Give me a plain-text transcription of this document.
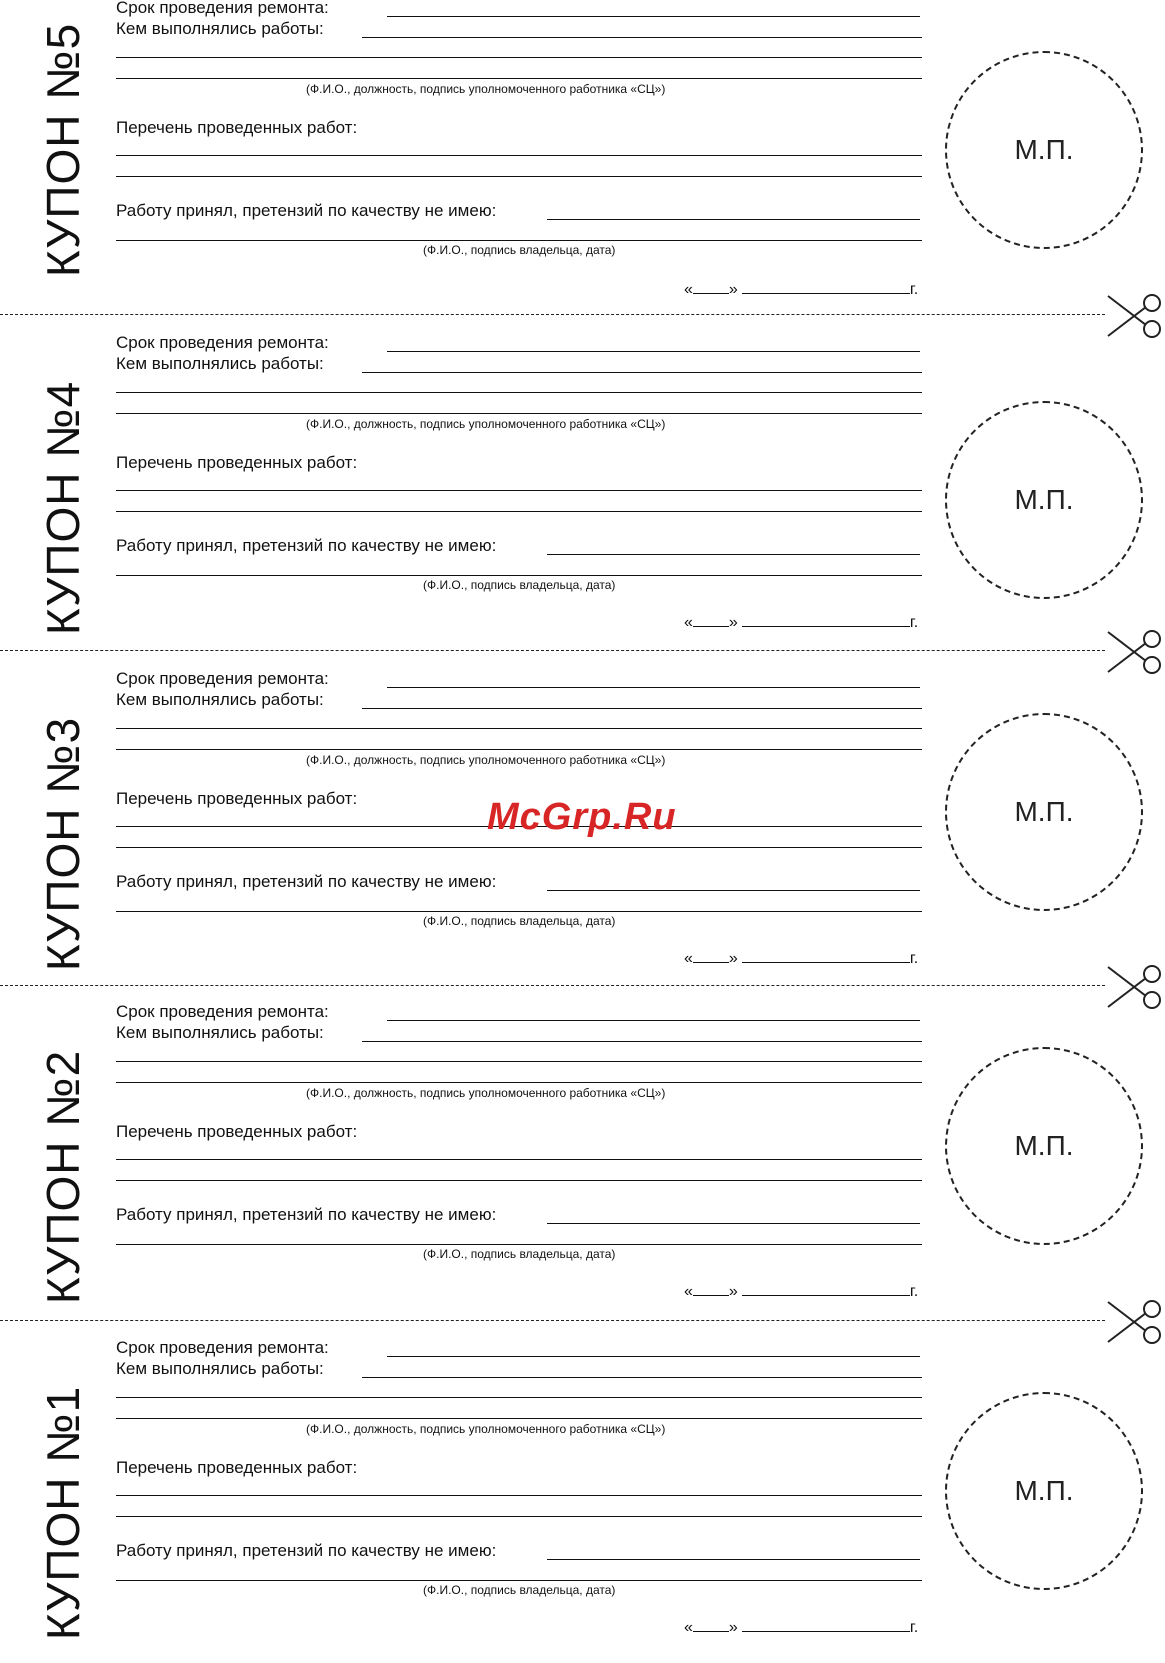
КУПОН №5
Срок проведения ремонта:
Кем выполнялись работы:
(Ф.И.О., должность, подпись уполномоченного работника «СЦ»)
Перечень проведенных работ:
Работу принял, претензий по качеству не имею:
(Ф.И.О., подпись владельца, дата)
« »	г.
М.П.
КУПОН №4
Срок проведения ремонта:
Кем выполнялись работы:
(Ф.И.О., должность, подпись уполномоченного работника «СЦ»)
Перечень проведенных работ:
Работу принял, претензий по качеству не имею:
(Ф.И.О., подпись владельца, дата)
« »	г.
М.П.
КУПОН №3
Срок проведения ремонта:
Кем выполнялись работы:
(Ф.И.О., должность, подпись уполномоченного работника «СЦ»)
Перечень проведенных работ:
Работу принял, претензий по качеству не имею:
(Ф.И.О., подпись владельца, дата)
« »	г.
М.П.
КУПОН №2
Срок проведения ремонта:
Кем выполнялись работы:
(Ф.И.О., должность, подпись уполномоченного работника «СЦ»)
Перечень проведенных работ:
Работу принял, претензий по качеству не имею:
(Ф.И.О., подпись владельца, дата)
« »	г.
М.П.
КУПОН №1
Срок проведения ремонта:
Кем выполнялись работы:
(Ф.И.О., должность, подпись уполномоченного работника «СЦ»)
Перечень проведенных работ:
Работу принял, претензий по качеству не имею:
(Ф.И.О., подпись владельца, дата)
« »	г.
М.П.
McGrp.Ru
